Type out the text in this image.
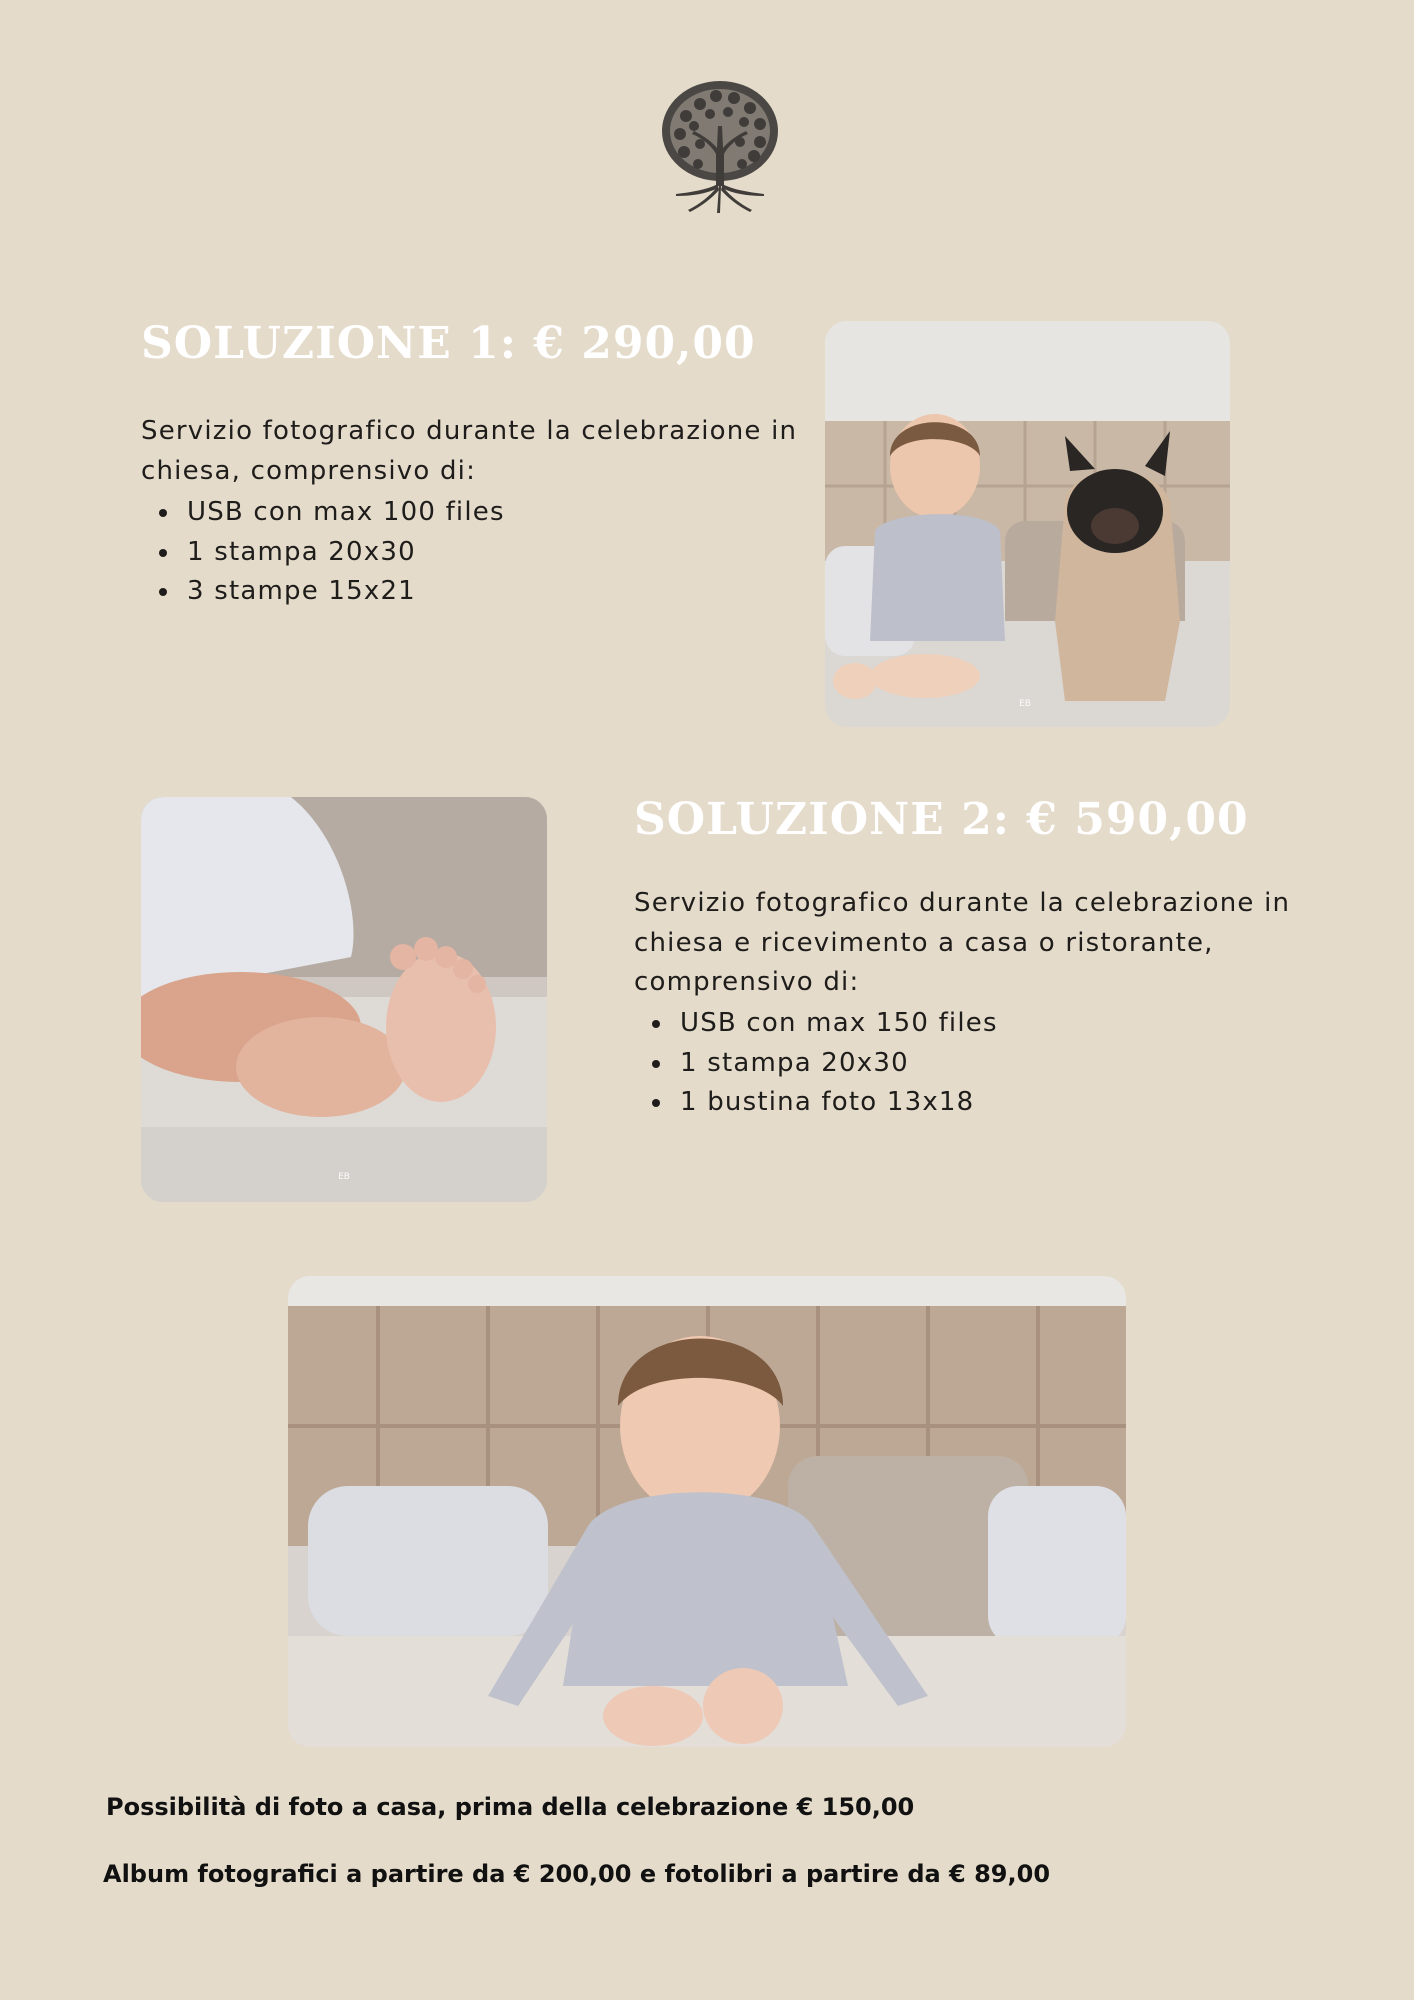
SOLUZIONE 1: € 290,00

Servizio fotografico durante la celebrazione in chiesa, comprensivo di:

USB con max 100 files
1 stampa 20x30
3 stampe 15x21
EB
EB
SOLUZIONE 2: € 590,00

Servizio fotografico durante la celebrazione in chiesa e ricevimento a casa o ristorante, comprensivo di:

USB con max 150 files
1 stampa 20x30
1 bustina foto 13x18

Possibilità di foto a casa, prima della celebrazione € 150,00

Album fotografici a partire da € 200,00 e fotolibri a partire da € 89,00
